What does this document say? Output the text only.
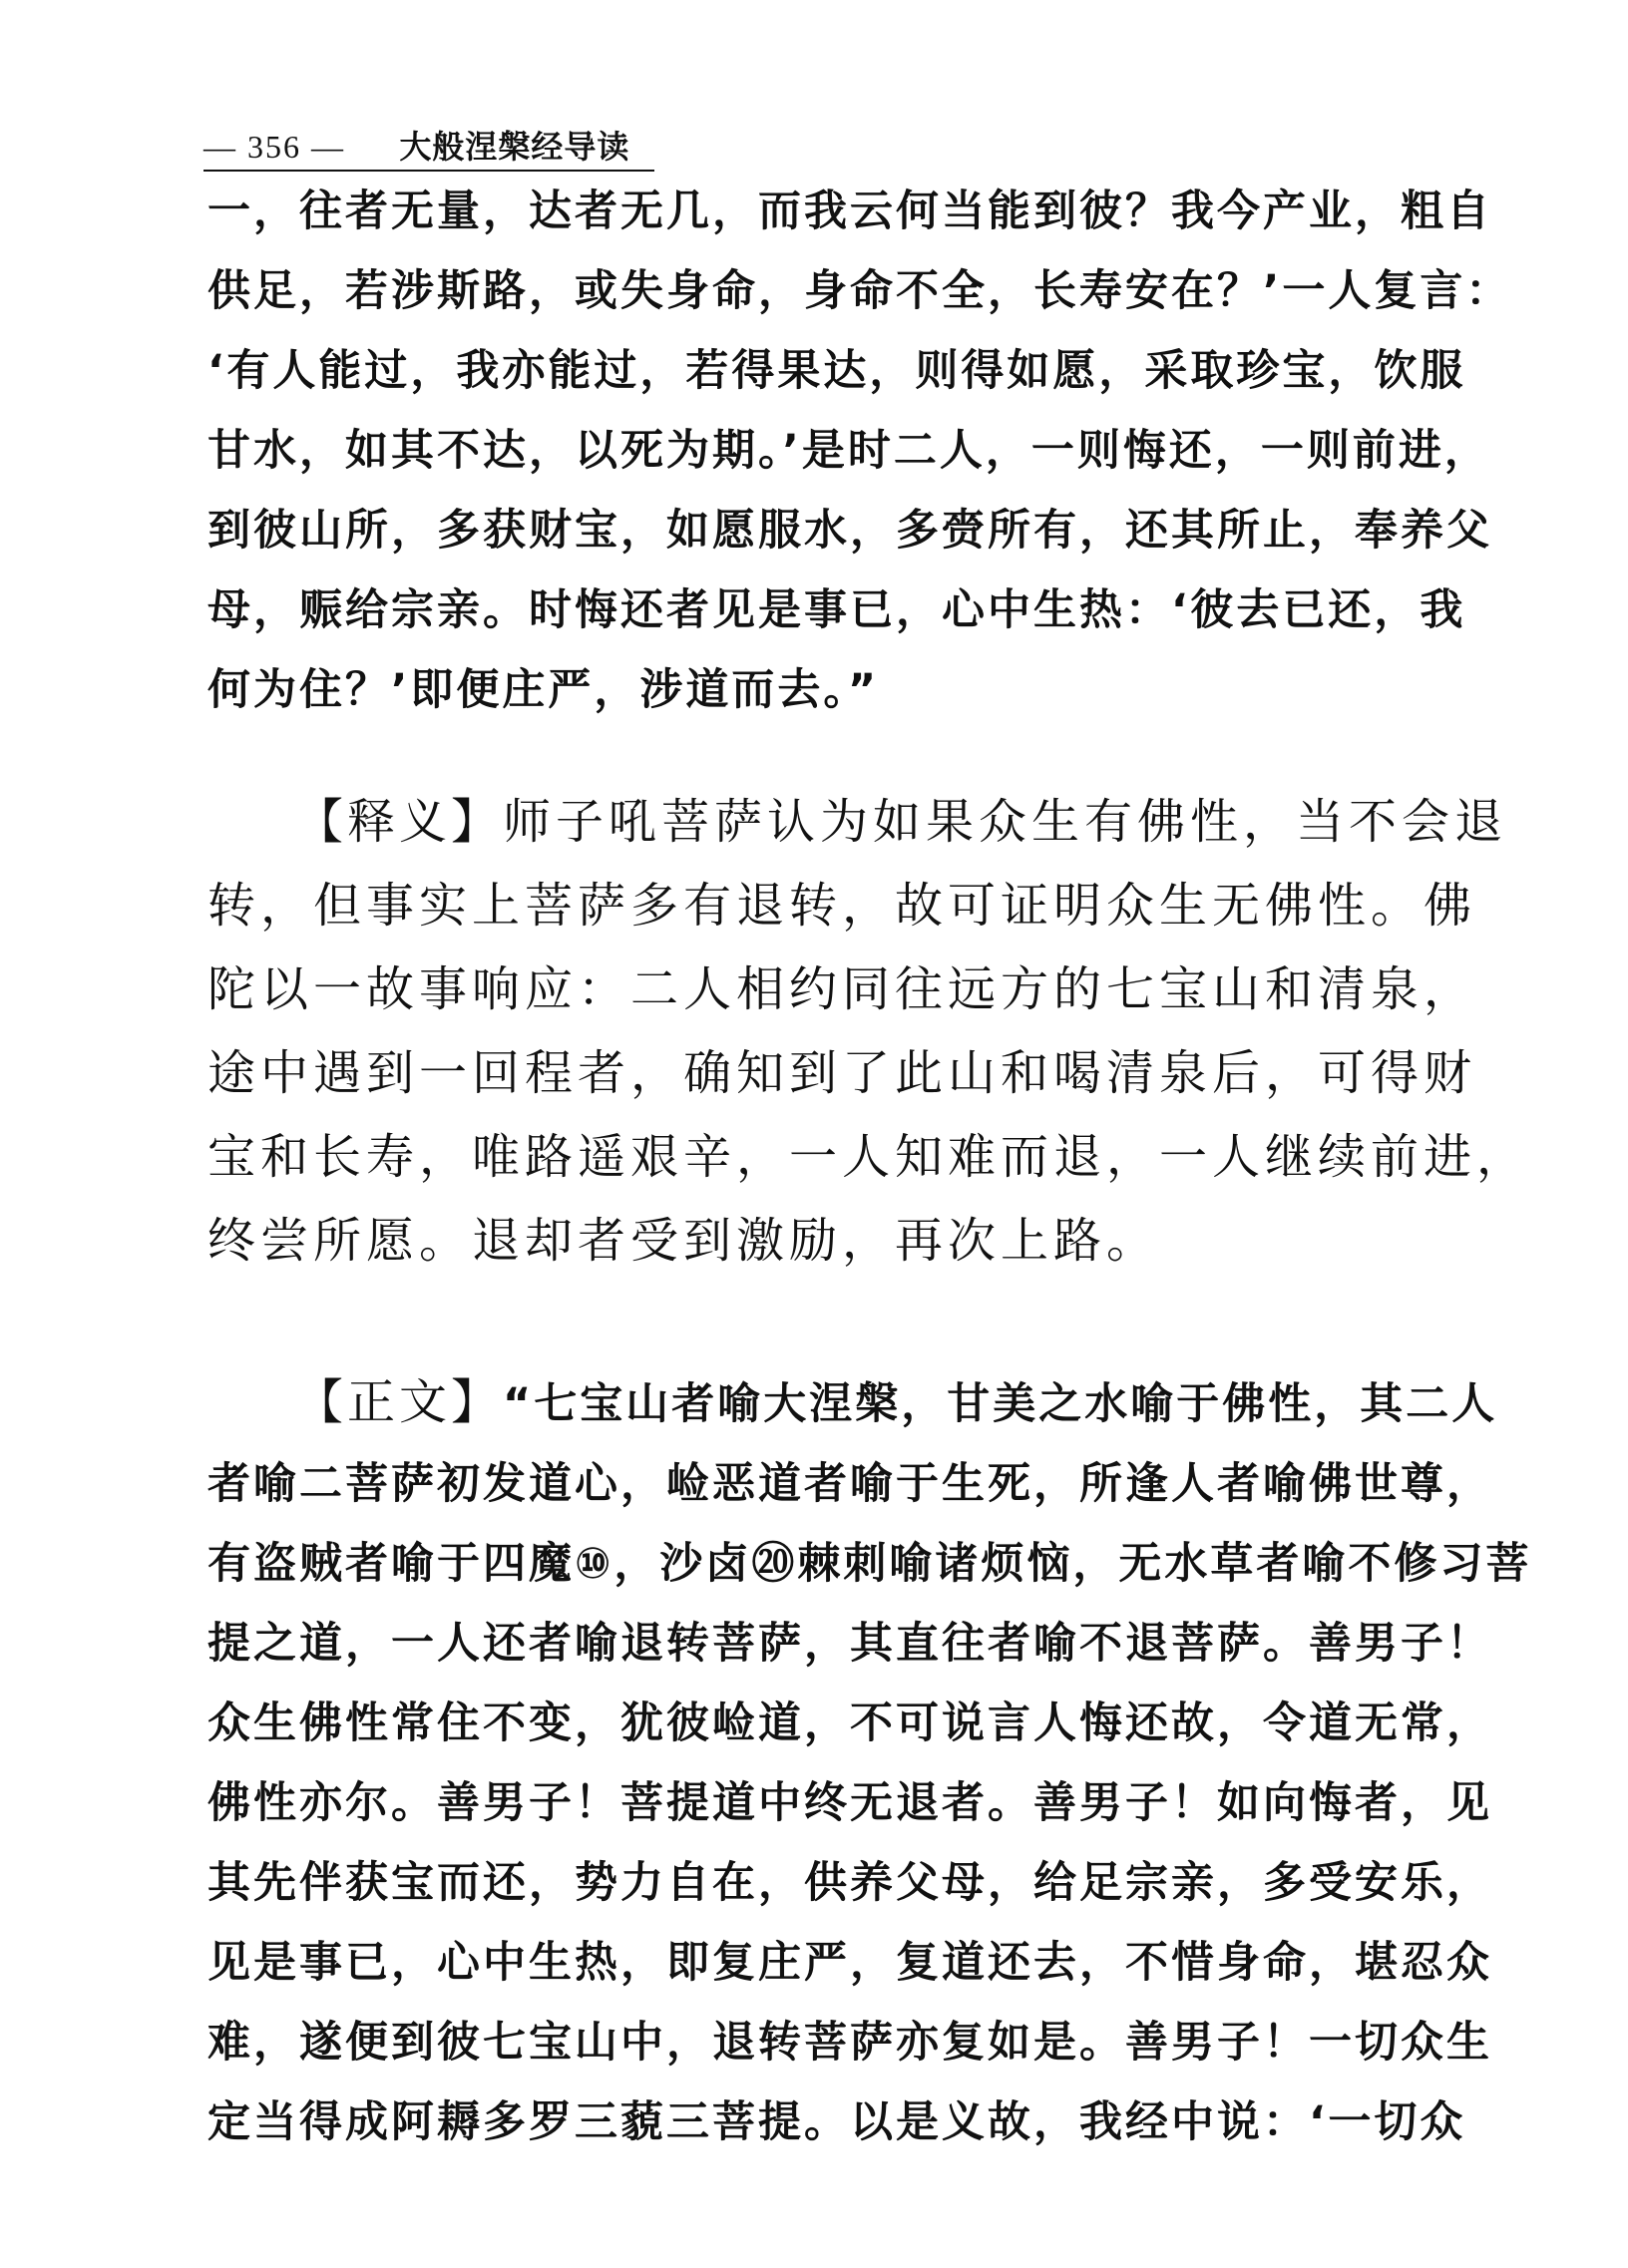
— 356 — 大般涅槃经导读
一，往者无量，达者无几，而我云何当能到彼？我今产业，粗自
供足，若涉斯路，或失身命，身命不全，长寿安在？’一人复言：
‘有人能过，我亦能过，若得果达，则得如愿，采取珍宝，饮服
甘水，如其不达，以死为期。’是时二人，一则悔还，一则前进，
到彼山所，多获财宝，如愿服水，多赍所有，还其所止，奉养父
母，赈给宗亲。时悔还者见是事已，心中生热：‘彼去已还，我
何为住？’即便庄严，涉道而去。”
【释义】师子吼菩萨认为如果众生有佛性，当不会退
转，但事实上菩萨多有退转，故可证明众生无佛性。佛
陀以一故事响应：二人相约同往远方的七宝山和清泉，
途中遇到一回程者，确知到了此山和喝清泉后，可得财
宝和长寿，唯路遥艰辛，一人知难而退，一人继续前进，
终尝所愿。退却者受到激励，再次上路。
【正文】“七宝山者喻大涅槃，甘美之水喻于佛性，其二人
者喻二菩萨初发道心，崄恶道者喻于生死，所逢人者喻佛世尊，
有盗贼者喻于四魔⑩，沙卤⑳棘刺喻诸烦恼，无水草者喻不修习菩
提之道，一人还者喻退转菩萨，其直往者喻不退菩萨。善男子！
众生佛性常住不变，犹彼崄道，不可说言人悔还故，令道无常，
佛性亦尔。善男子！菩提道中终无退者。善男子！如向悔者，见
其先伴获宝而还，势力自在，供养父母，给足宗亲，多受安乐，
见是事已，心中生热，即复庄严，复道还去，不惜身命，堪忍众
难，遂便到彼七宝山中，退转菩萨亦复如是。善男子！一切众生
定当得成阿耨多罗三藐三菩提。以是义故，我经中说：‘一切众
